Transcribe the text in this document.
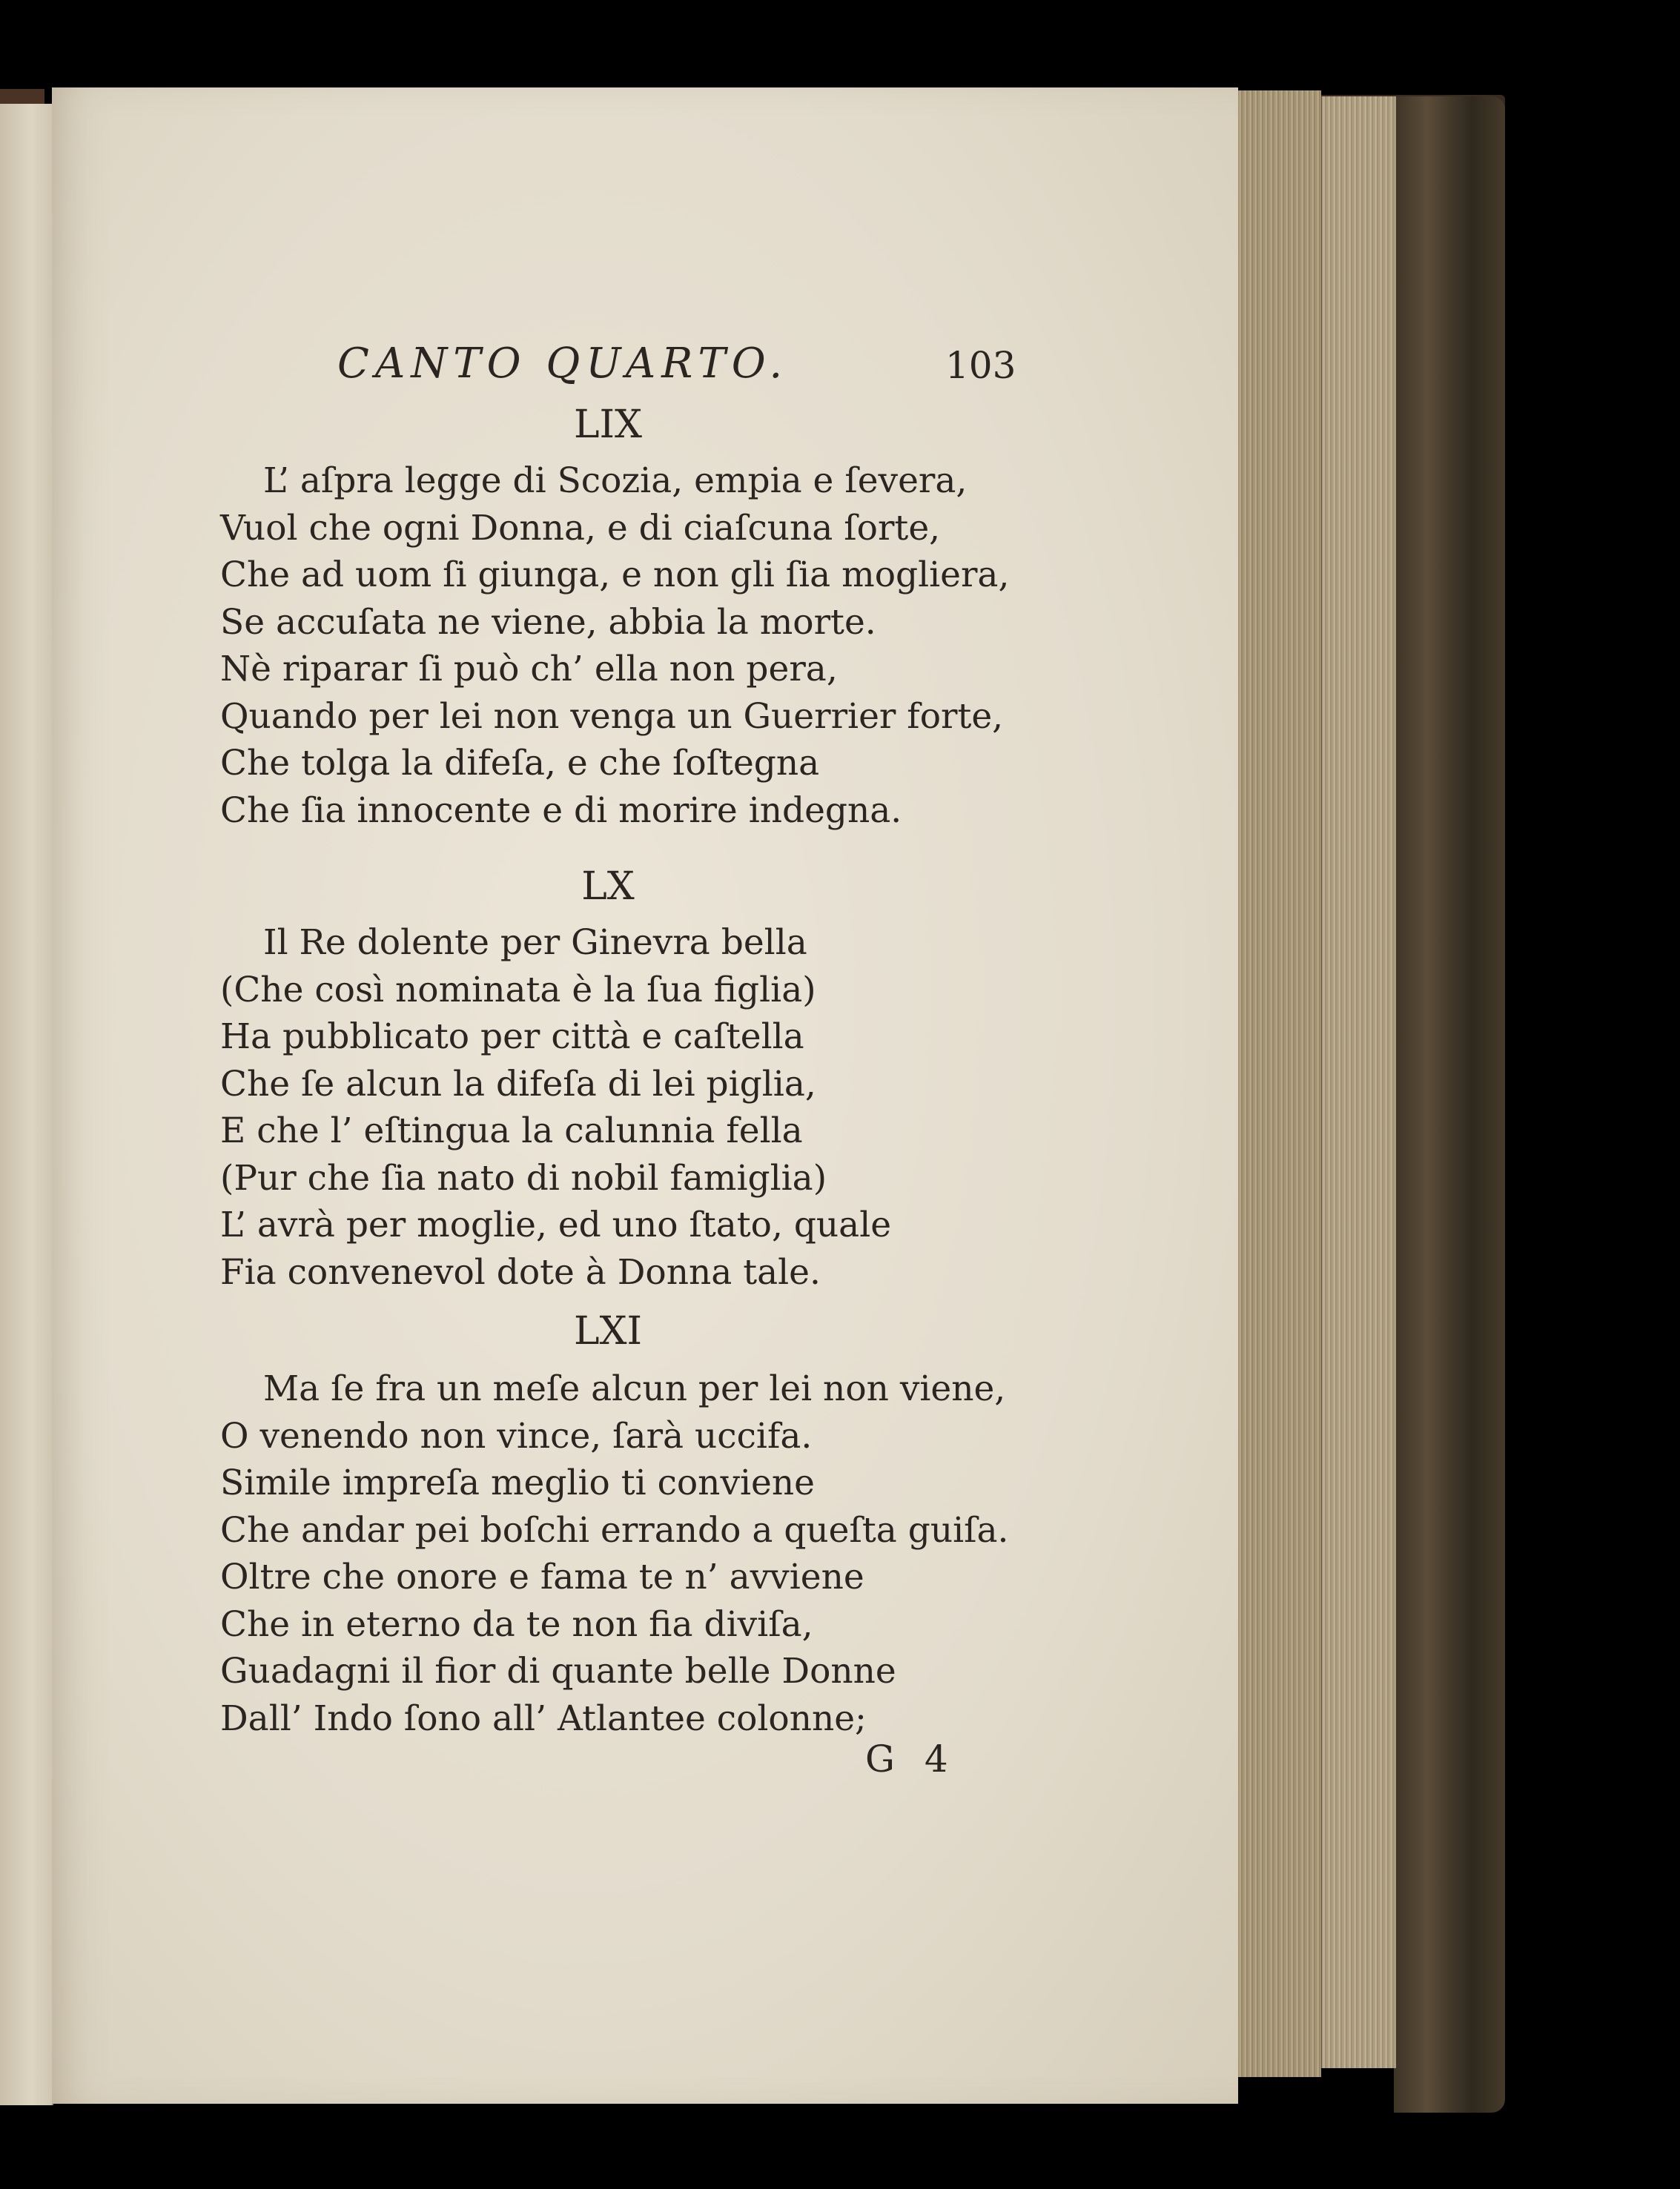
CANTO QUARTO.	103
LIX
L’ aſpra legge di Scozia, empia e ſevera,
Vuol che ogni Donna, e di ciaſcuna ſorte,
Che ad uom ſi giunga, e non gli ſia mogliera,
Se accuſata ne viene, abbia la morte.
Nè riparar ſi può ch’ ella non pera,
Quando per lei non venga un Guerrier forte,
Che tolga la difeſa, e che ſoſtegna
Che ſia innocente e di morire indegna.
LX
Il Re dolente per Ginevra bella
(Che così nominata è la ſua figlia)
Ha pubblicato per città e caſtella
Che ſe alcun la difeſa di lei piglia,
E che l’ eſtingua la calunnia fella
(Pur che ſia nato di nobil famiglia)
L’ avrà per moglie, ed uno ſtato, quale
Fia convenevol dote à Donna tale.
LXI
Ma ſe fra un meſe alcun per lei non viene,
O venendo non vince, ſarà uccifa.
Simile impreſa meglio ti conviene
Che andar pei boſchi errando a queſta guiſa.
Oltre che onore e fama te n’ avviene
Che in eterno da te non fia diviſa,
Guadagni il fior di quante belle Donne
Dall’ Indo ſono all’ Atlantee colonne;
G 4
